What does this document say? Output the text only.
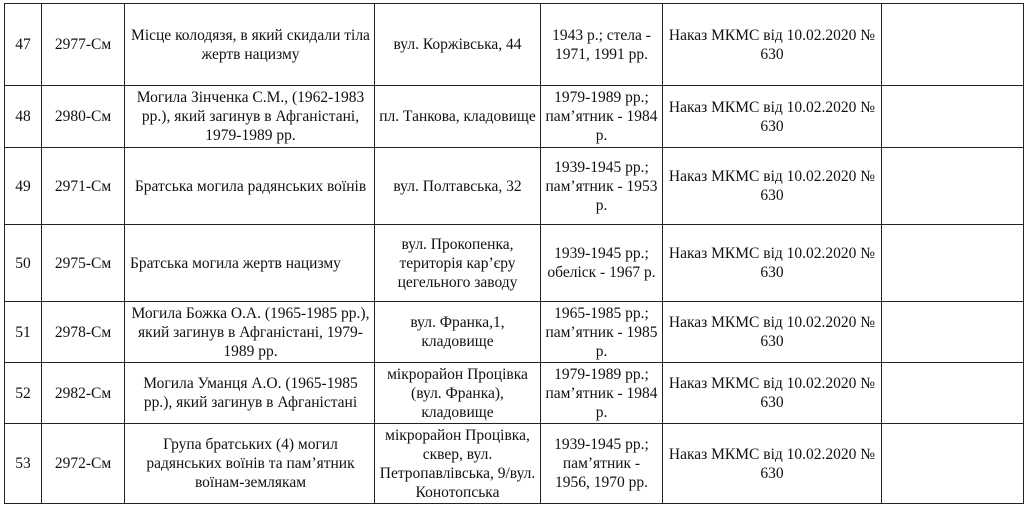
47	2977-См	Місце колодязя, в який скидали тіла жертв нацизму	вул. Коржівська, 44	1943 р.; стела - 1971, 1991 рр.	Наказ МКМС від 10.02.2020 № 630	
48	2980-См	Могила Зінченка С.М., (1962-1983 рр.), який загинув в Афганістані, 1979-1989 рр.	пл. Танкова, кладовище	1979-1989 рр.; пам’ятник - 1984 р.	Наказ МКМС від 10.02.2020 № 630	
49	2971-См	Братська могила радянських воїнів	вул. Полтавська, 32	1939-1945 рр.; пам’ятник - 1953 р.	Наказ МКМС від 10.02.2020 № 630	
50	2975-См	Братська могила жертв нацизму	вул. Прокопенка, територія кар’єру цегельного заводу	1939-1945 рр.; обеліск - 1967 р.	Наказ МКМС від 10.02.2020 № 630	
51	2978-См	Могила Божка О.А. (1965-1985 рр.), який загинув в Афганістані, 1979-1989 рр.	вул. Франка,1, кладовище	1965-1985 рр.; пам’ятник - 1985 р.	Наказ МКМС від 10.02.2020 № 630	
52	2982-См	Могила Уманця А.О. (1965-1985 рр.), який загинув в Афганістані	мікрорайон Процівка (вул. Франка), кладовище	1979-1989 рр.; пам’ятник - 1984 р.	Наказ МКМС від 10.02.2020 № 630	
53	2972-См	Група братських (4) могил радянських воїнів та пам’ятник воїнам-землякам	мікрорайон Процівка, сквер, вул. Петропавлівська, 9/вул. Конотопська	1939-1945 рр.; пам’ятник - 1956, 1970 рр.	Наказ МКМС від 10.02.2020 № 630	
